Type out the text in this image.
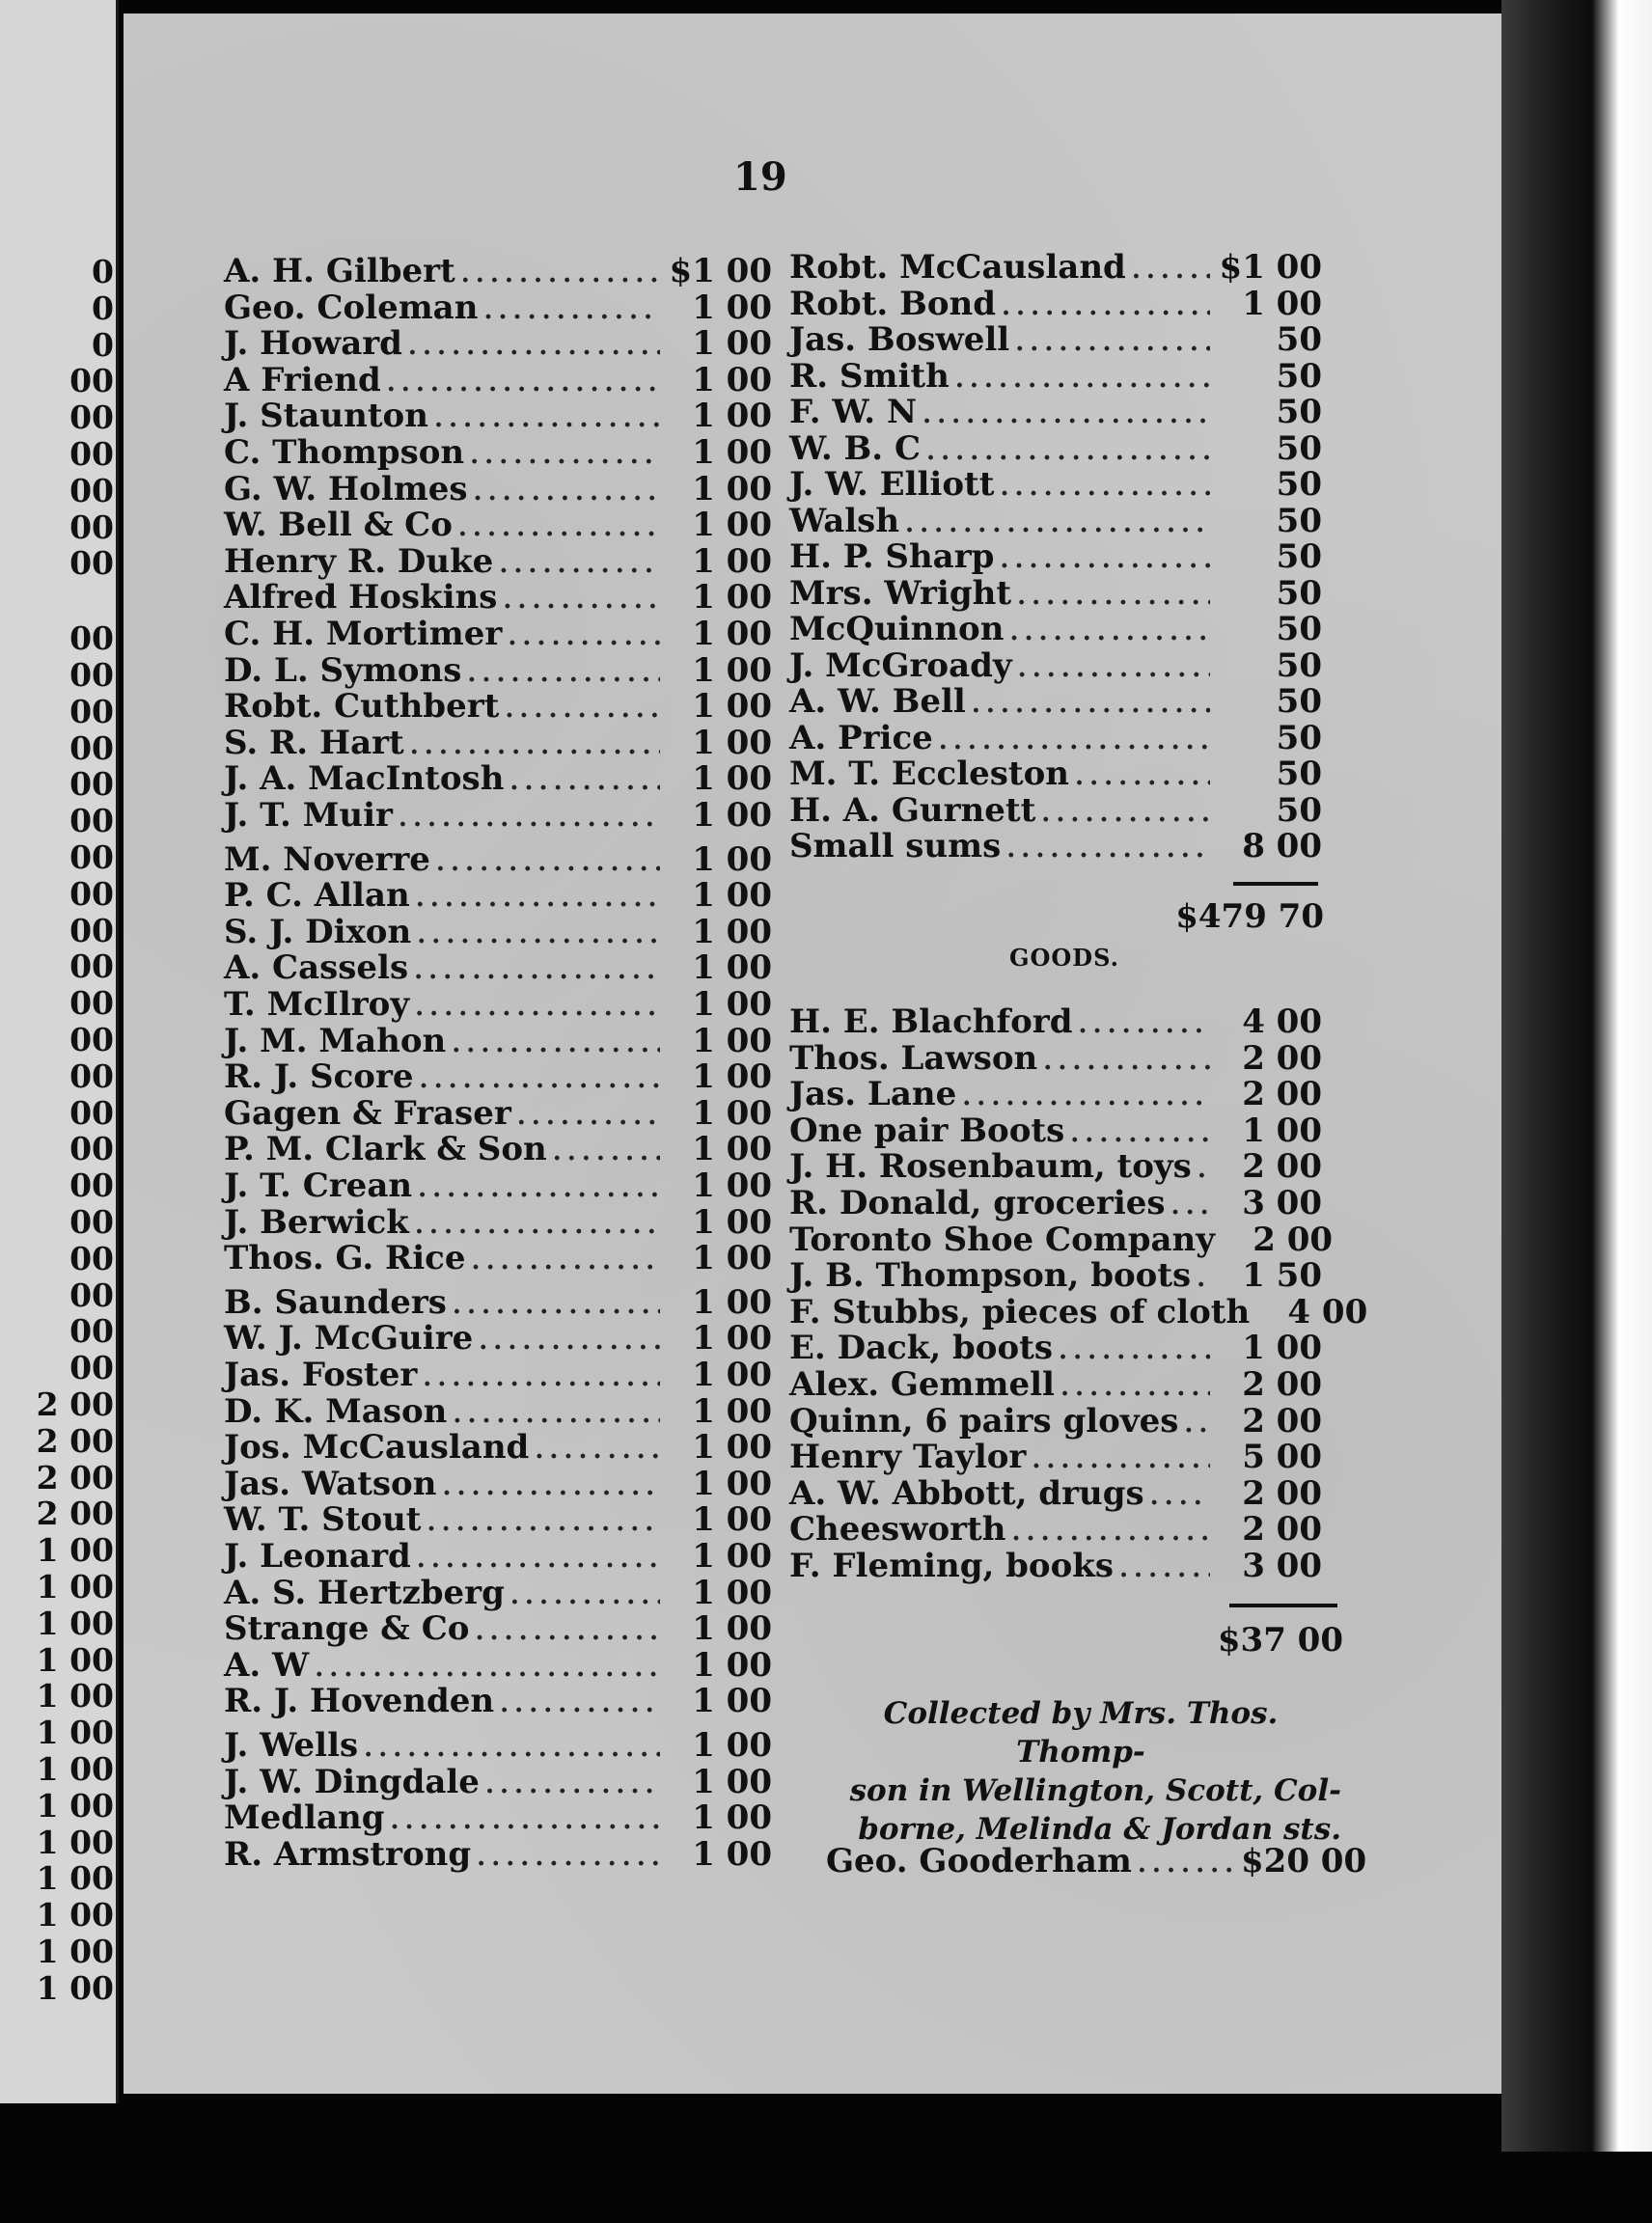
0
0
0
00
00
00
00
00
00
00
00
00
00
00
00
00
00
00
00
00
00
00
00
00
00
00
00
00
00
00
2 00
2 00
2 00
2 00
1 00
1 00
1 00
1 00
1 00
1 00
1 00
1 00
1 00
1 00
1 00
1 00
1 00
19
A. H. Gilbert .....	$1 00
Geo. Coleman .....	1 00
J. Howard .....	1 00
A Friend .....	1 00
J. Staunton .....	1 00
C. Thompson .....	1 00
G. W. Holmes .....	1 00
W. Bell & Co .....	1 00
Henry R. Duke .....	1 00
Alfred Hoskins .....	1 00
C. H. Mortimer .....	1 00
D. L. Symons .....	1 00
Robt. Cuthbert .....	1 00
S. R. Hart .....	1 00
J. A. MacIntosh .....	1 00
J. T. Muir .....	1 00
M. Noverre .....	1 00
P. C. Allan .....	1 00
S. J. Dixon .....	1 00
A. Cassels .....	1 00
T. McIlroy .....	1 00
J. M. Mahon .....	1 00
R. J. Score .....	1 00
Gagen & Fraser .....	1 00
P. M. Clark & Son .....	1 00
J. T. Crean .....	1 00
J. Berwick .....	1 00
Thos. G. Rice .....	1 00
B. Saunders .....	1 00
W. J. McGuire .....	1 00
Jas. Foster .....	1 00
D. K. Mason .....	1 00
Jos. McCausland .....	1 00
Jas. Watson .....	1 00
W. T. Stout .....	1 00
J. Leonard .....	1 00
A. S. Hertzberg .....	1 00
Strange & Co .....	1 00
A. W .....	1 00
R. J. Hovenden .....	1 00
J. Wells .....	1 00
J. W. Dingdale .....	1 00
Medlang .....	1 00
R. Armstrong .....	1 00
Robt. McCausland .....	$1 00
Robt. Bond .....	1 00
Jas. Boswell .....	50
R. Smith .....	50
F. W. N .....	50
W. B. C .....	50
J. W. Elliott .....	50
Walsh .....	50
H. P. Sharp .....	50
Mrs. Wright .....	50
McQuinnon .....	50
J. McGroady .....	50
A. W. Bell .....	50
A. Price .....	50
M. T. Eccleston .....	50
H. A. Gurnett .....	50
Small sums .....	8 00
$479 70
GOODS.
H. E. Blachford .....	4 00
Thos. Lawson .....	2 00
Jas. Lane .....	2 00
One pair Boots .....	1 00
J. H. Rosenbaum, toys .....	2 00
R. Donald, groceries .....	3 00
Toronto Shoe Company	2 00
J. B. Thompson, boots .....	1 50
F. Stubbs, pieces of cloth	4 00
E. Dack, boots .....	1 00
Alex. Gemmell .....	2 00
Quinn, 6 pairs gloves .....	2 00
Henry Taylor .....	5 00
A. W. Abbott, drugs .....	2 00
Cheesworth .....	2 00
F. Fleming, books .....	3 00
$37 00
Collected by Mrs. Thos. Thomp-
son in Wellington, Scott, Col-
borne, Melinda & Jordan sts.
Geo. Gooderham .....	$20 00
